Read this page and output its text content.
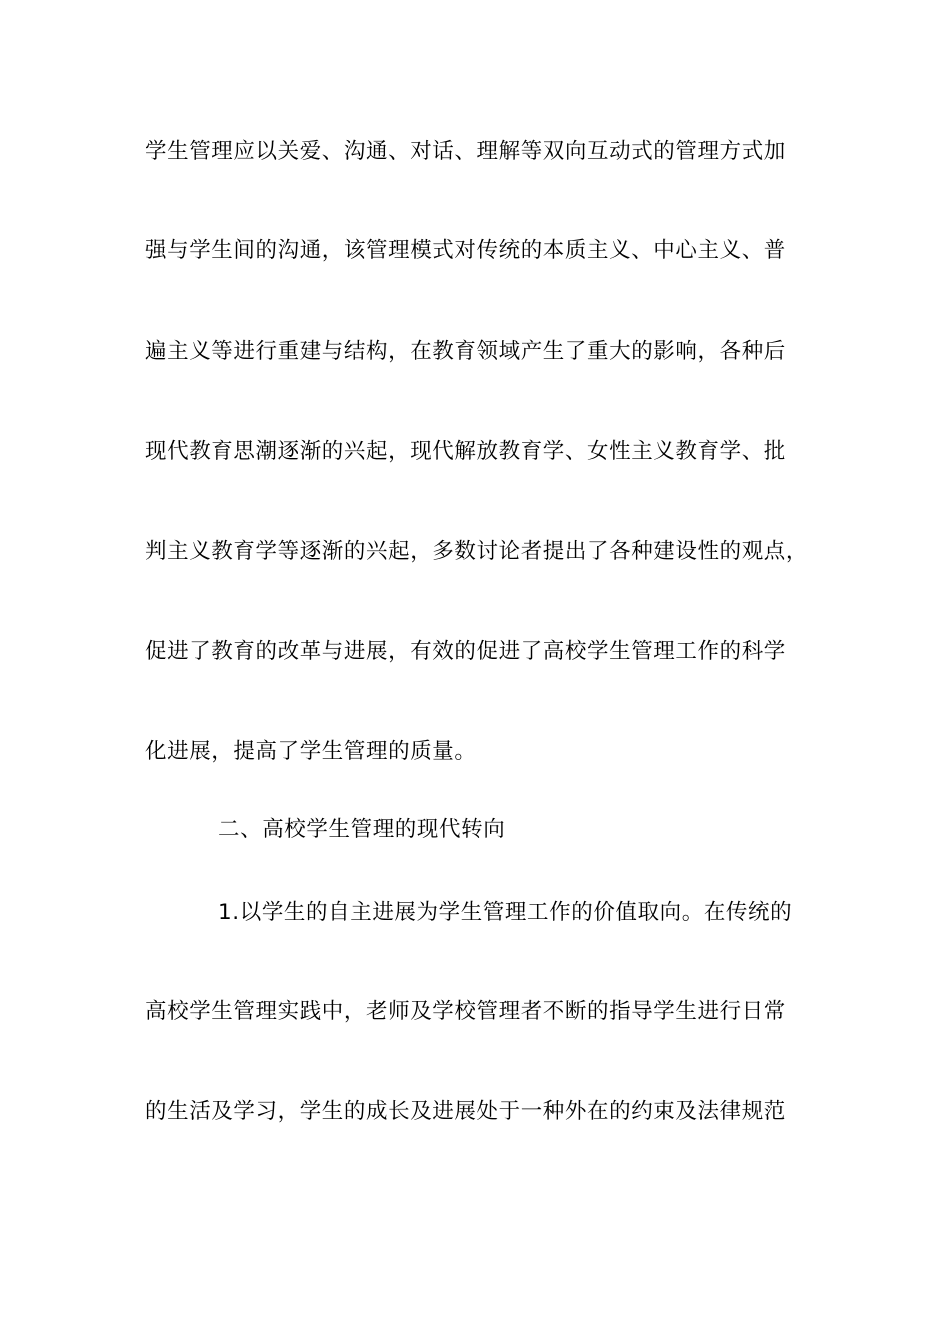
学生管理应以关爱、沟通、对话、理解等双向互动式的管理方式加
强与学生间的沟通，该管理模式对传统的本质主义、中心主义、普
遍主义等进行重建与结构，在教育领域产生了重大的影响，各种后
现代教育思潮逐渐的兴起，现代解放教育学、女性主义教育学、批
判主义教育学等逐渐的兴起，多数讨论者提出了各种建设性的观点，
促进了教育的改革与进展，有效的促进了高校学生管理工作的科学
化进展，提高了学生管理的质量。
二、高校学生管理的现代转向
1.以学生的自主进展为学生管理工作的价值取向。在传统的
高校学生管理实践中，老师及学校管理者不断的指导学生进行日常
的生活及学习，学生的成长及进展处于一种外在的约束及法律规范
